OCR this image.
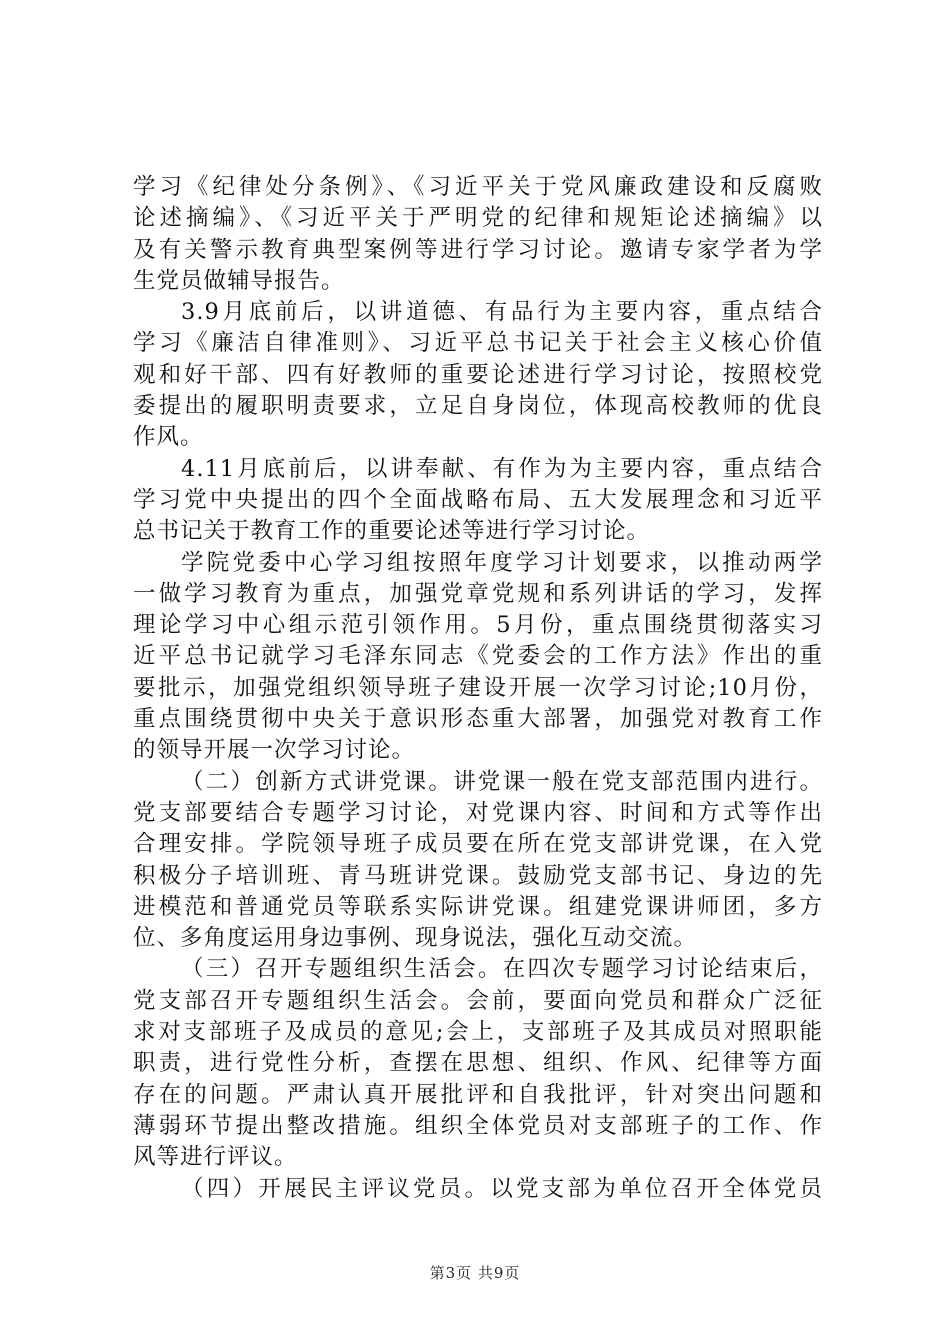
学习《纪律处分条例》、《习近平关于党风廉政建设和反腐败
论述摘编》、《习近平关于严明党的纪律和规矩论述摘编》以
及有关警示教育典型案例等进行学习讨论。邀请专家学者为学
生党员做辅导报告。
3.9月底前后，以讲道德、有品行为主要内容，重点结合
学习《廉洁自律准则》、习近平总书记关于社会主义核心价值
观和好干部、四有好教师的重要论述进行学习讨论，按照校党
委提出的履职明责要求，立足自身岗位，体现高校教师的优良
作风。
4.11月底前后，以讲奉献、有作为为主要内容，重点结合
学习党中央提出的四个全面战略布局、五大发展理念和习近平
总书记关于教育工作的重要论述等进行学习讨论。
学院党委中心学习组按照年度学习计划要求，以推动两学
一做学习教育为重点，加强党章党规和系列讲话的学习，发挥
理论学习中心组示范引领作用。5月份，重点围绕贯彻落实习
近平总书记就学习毛泽东同志《党委会的工作方法》作出的重
要批示，加强党组织领导班子建设开展一次学习讨论;10月份，
重点围绕贯彻中央关于意识形态重大部署，加强党对教育工作
的领导开展一次学习讨论。
（二）创新方式讲党课。讲党课一般在党支部范围内进行。
党支部要结合专题学习讨论，对党课内容、时间和方式等作出
合理安排。学院领导班子成员要在所在党支部讲党课，在入党
积极分子培训班、青马班讲党课。鼓励党支部书记、身边的先
进模范和普通党员等联系实际讲党课。组建党课讲师团，多方
位、多角度运用身边事例、现身说法，强化互动交流。
（三）召开专题组织生活会。在四次专题学习讨论结束后，
党支部召开专题组织生活会。会前，要面向党员和群众广泛征
求对支部班子及成员的意见;会上，支部班子及其成员对照职能
职责，进行党性分析，查摆在思想、组织、作风、纪律等方面
存在的问题。严肃认真开展批评和自我批评，针对突出问题和
薄弱环节提出整改措施。组织全体党员对支部班子的工作、作
风等进行评议。
（四）开展民主评议党员。以党支部为单位召开全体党员
第3页 共9页
